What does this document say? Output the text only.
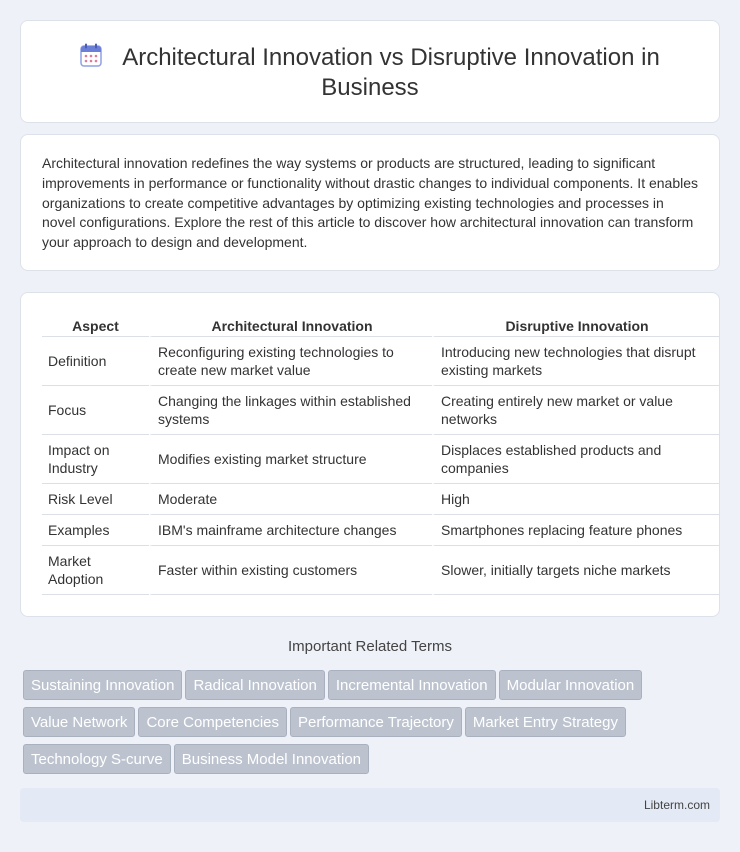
Architectural Innovation vs Disruptive Innovation in
Business

Architectural innovation redefines the way systems or products are structured, leading to significant improvements in performance or functionality without drastic changes to individual components. It enables organizations to create competitive advantages by optimizing existing technologies and processes in novel configurations. Explore the rest of this article to discover how architectural innovation can transform your approach to design and development.

Aspect	Architectural Innovation	Disruptive Innovation
Definition	Reconfiguring existing technologies to create new market value	Introducing new technologies that disrupt existing markets
Focus	Changing the linkages within established systems	Creating entirely new market or value networks
Impact on Industry	Modifies existing market structure	Displaces established products and companies
Risk Level	Moderate	High
Examples	IBM's mainframe architecture changes	Smartphones replacing feature phones
Market Adoption	Faster within existing customers	Slower, initially targets niche markets
Important Related Terms
Sustaining Innovation Radical Innovation Incremental Innovation Modular Innovation
Value Network Core Competencies Performance Trajectory Market Entry Strategy
Technology S-curve Business Model Innovation
Libterm.com
